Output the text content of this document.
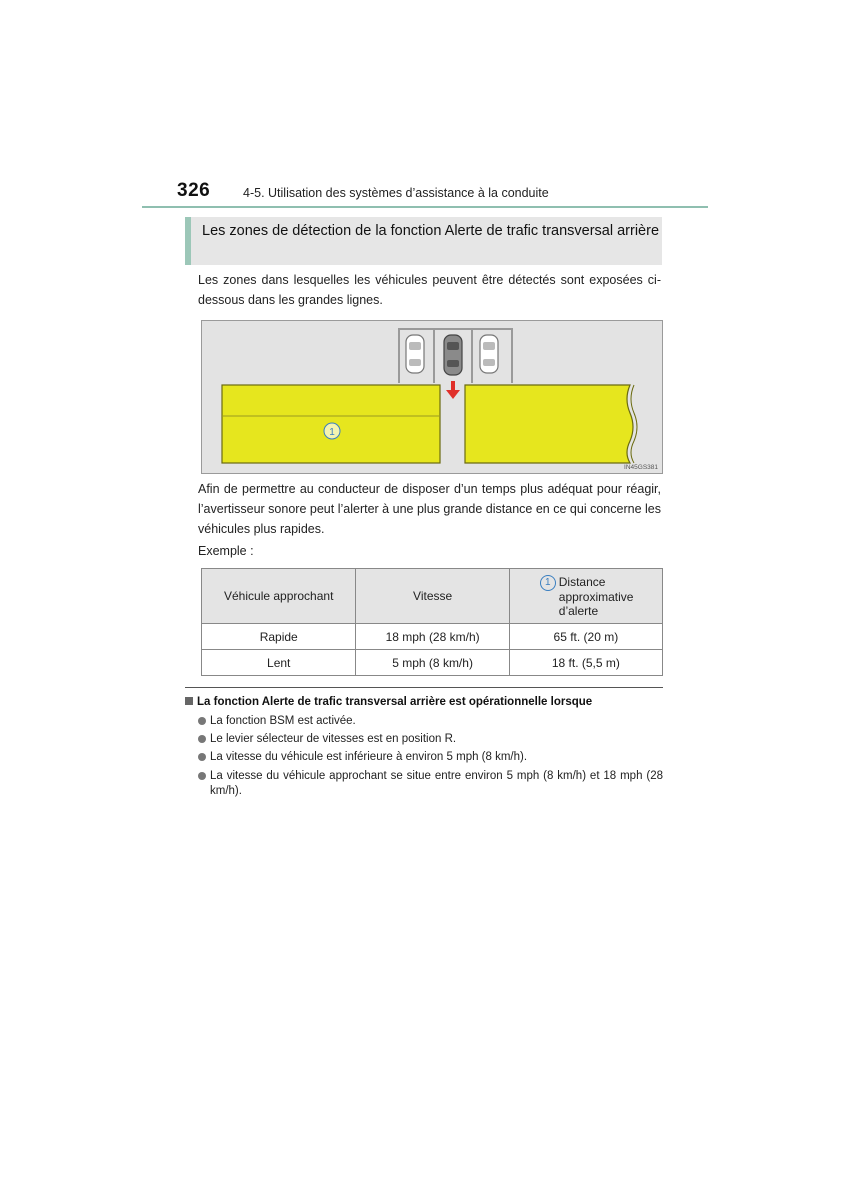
326	4-5. Utilisation des systèmes d’assistance à la conduite
Les zones de détection de la fonction Alerte de trafic transversal arrière
Les zones dans lesquelles les véhicules peuvent être détectés sont exposées ci-dessous dans les grandes lignes.
1
IN45GS381
Afin de permettre au conducteur de disposer d’un temps plus adéquat pour réagir, l’avertisseur sonore peut l’alerter à une plus grande distance en ce qui concerne les véhicules plus rapides.
Exemple :
Véhicule approchant	Vitesse	1 Distance approximative d’alerte

Rapide	18 mph (28 km/h)	65 ft. (20 m)
Lent	5 mph (8 km/h)	18 ft. (5,5 m)
La fonction Alerte de trafic transversal arrière est opérationnelle lorsque
La fonction BSM est activée.
Le levier sélecteur de vitesses est en position R.
La vitesse du véhicule est inférieure à environ 5 mph (8 km/h).
La vitesse du véhicule approchant se situe entre environ 5 mph (8 km/h) et 18 mph (28 km/h).
